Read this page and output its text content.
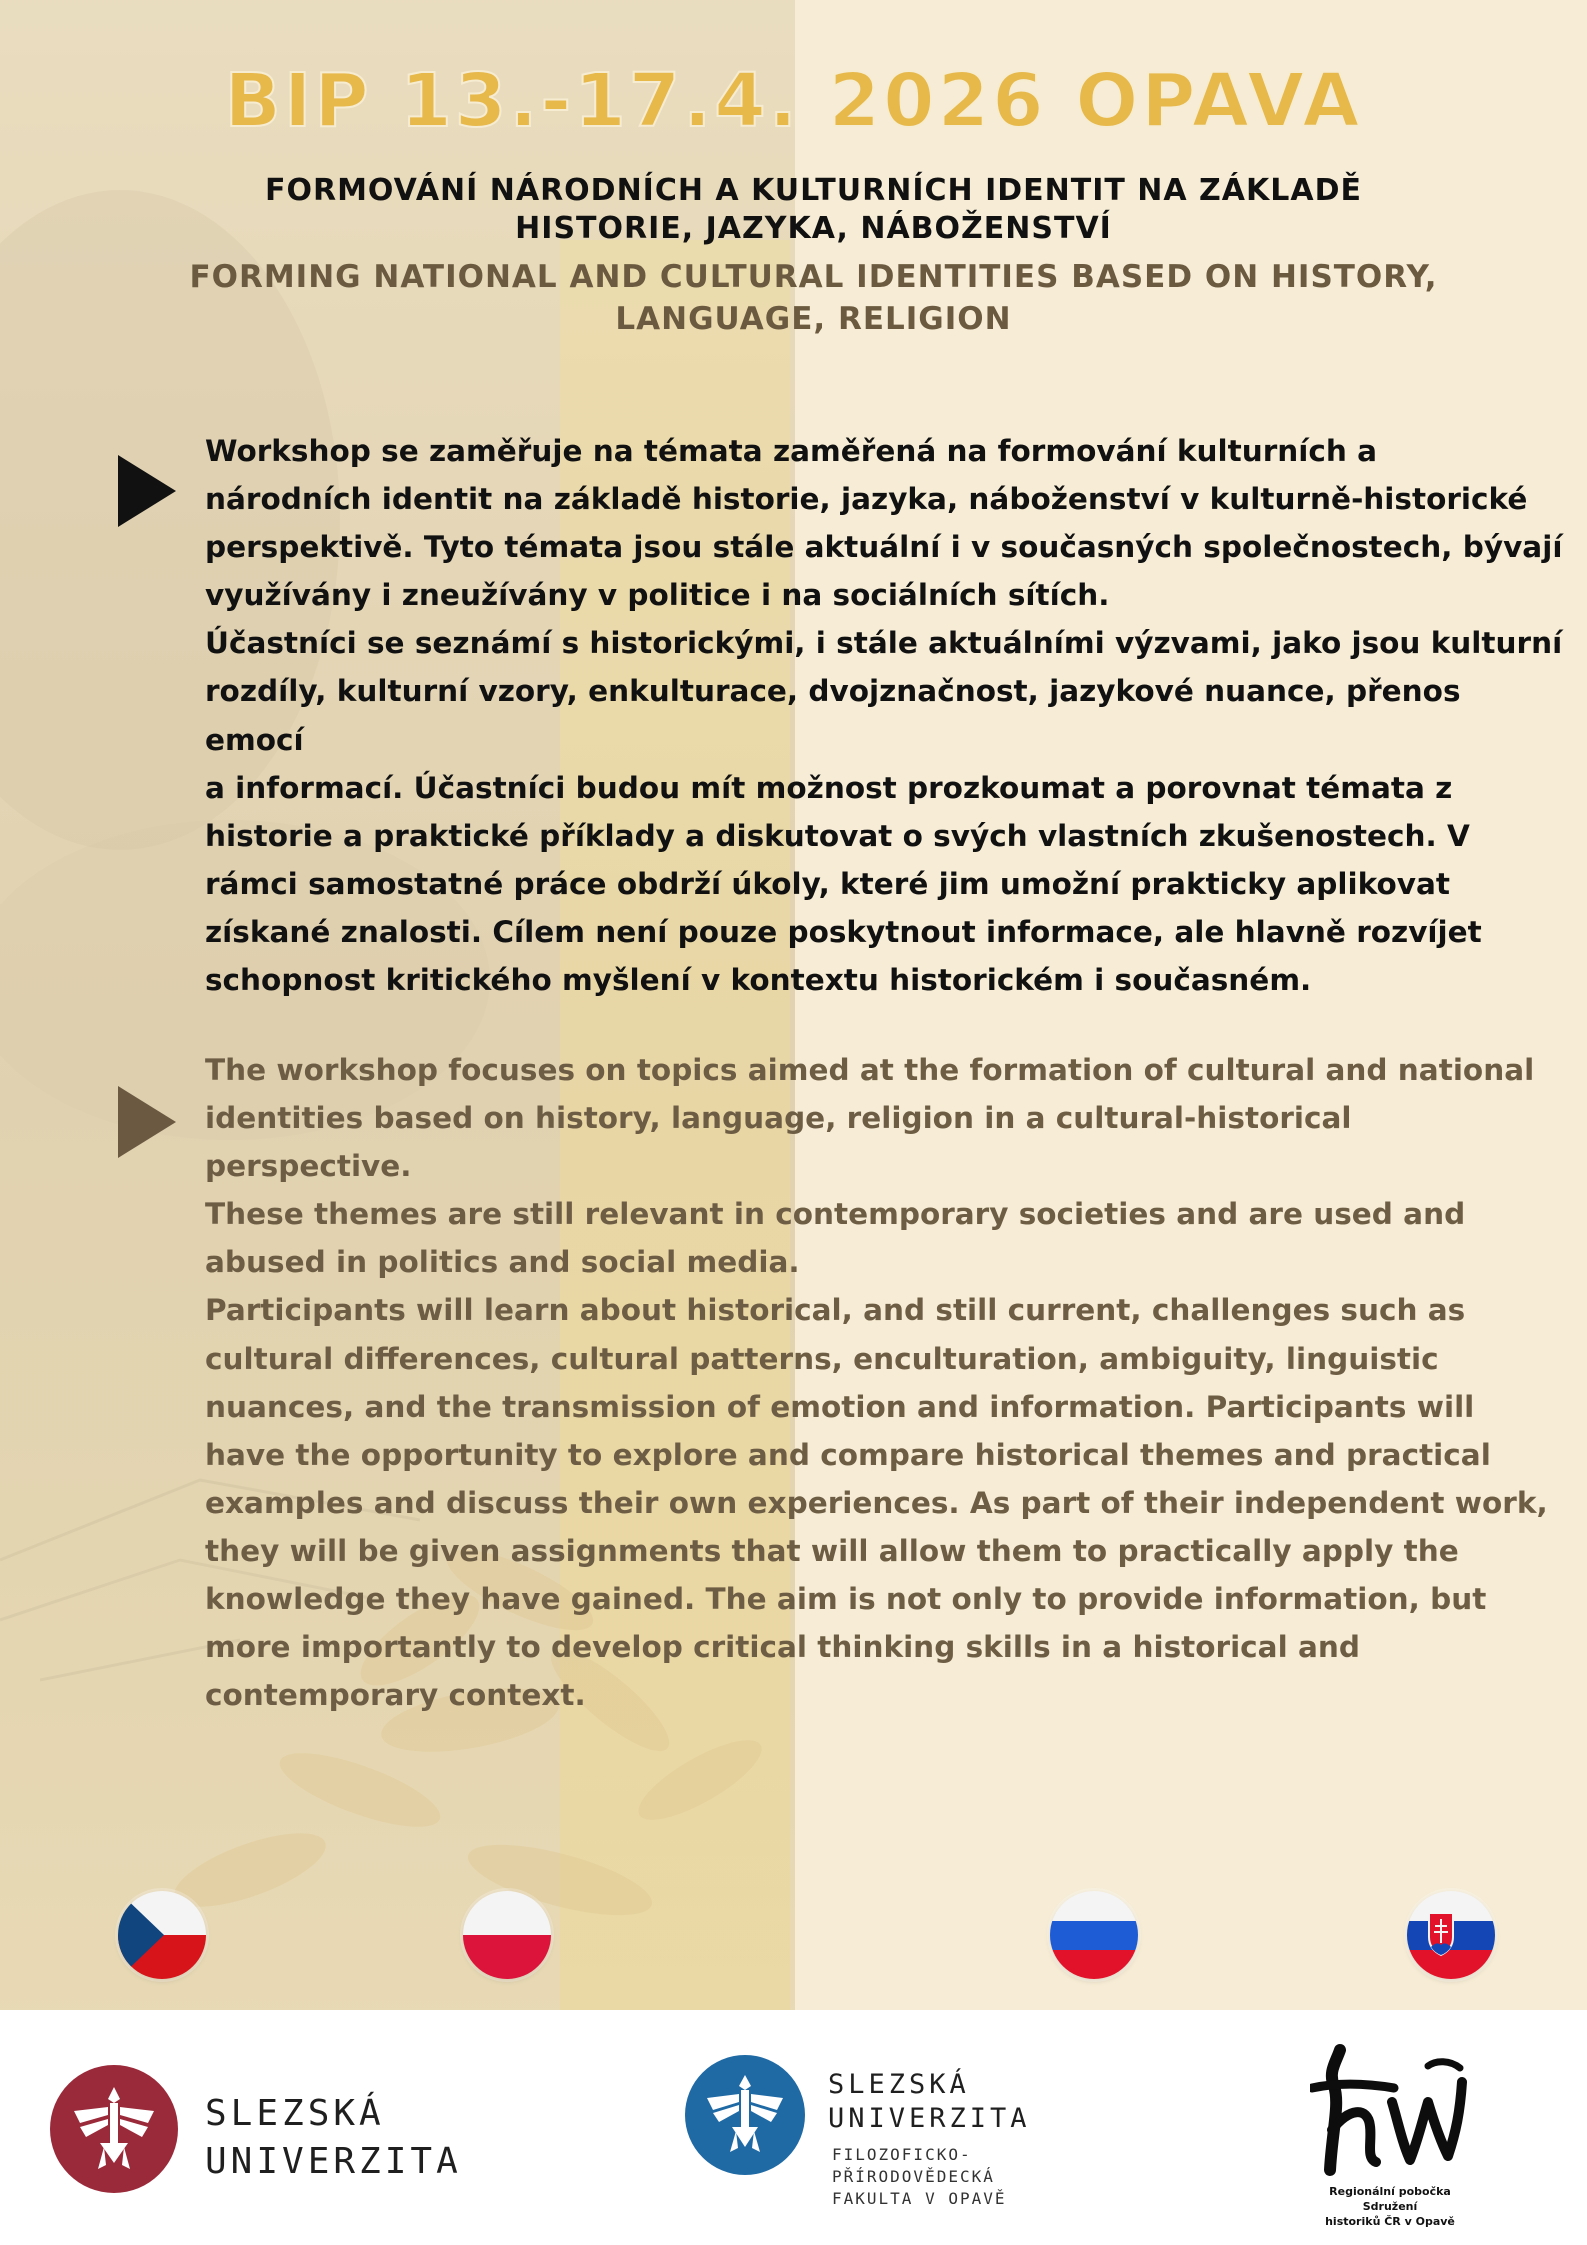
BIP 13.-17.4. 2026 OPAVA
FORMOVÁNÍ NÁRODNÍCH A KULTURNÍCH IDENTIT NA ZÁKLADĚ
HISTORIE, JAZYKA, NÁBOŽENSTVÍ
FORMING NATIONAL AND CULTURAL IDENTITIES BASED ON HISTORY,
LANGUAGE, RELIGION
Workshop se zaměřuje na témata zaměřená na formování kulturních a
národních identit na základě historie, jazyka, náboženství v kulturně-historické
perspektivě. Tyto témata jsou stále aktuální i v současných společnostech, bývají
využívány i zneužívány v politice i na sociálních sítích.
Účastníci se seznámí s historickými, i stále aktuálními výzvami, jako jsou kulturní
rozdíly, kulturní vzory, enkulturace, dvojznačnost, jazykové nuance, přenos emocí
a informací. Účastníci budou mít možnost prozkoumat a porovnat témata z
historie a praktické příklady a diskutovat o svých vlastních zkušenostech. V
rámci samostatné práce obdrží úkoly, které jim umožní prakticky aplikovat
získané znalosti. Cílem není pouze poskytnout informace, ale hlavně rozvíjet
schopnost kritického myšlení v kontextu historickém i současném.
The workshop focuses on topics aimed at the formation of cultural and national
identities based on history, language, religion in a cultural-historical perspective.
These themes are still relevant in contemporary societies and are used and
abused in politics and social media.
Participants will learn about historical, and still current, challenges such as
cultural differences, cultural patterns, enculturation, ambiguity, linguistic
nuances, and the transmission of emotion and information. Participants will
have the opportunity to explore and compare historical themes and practical
examples and discuss their own experiences. As part of their independent work,
they will be given assignments that will allow them to practically apply the
knowledge they have gained. The aim is not only to provide information, but
more importantly to develop critical thinking skills in a historical and
contemporary context.
SLEZSKÁ
UNIVERZITA
SLEZSKÁ
UNIVERZITA
FILOZOFICKO-
PŘÍRODOVĚDECKÁ
FAKULTA V OPAVĚ	Regionální pobočka Sdružení
historiků ČR v Opavě
